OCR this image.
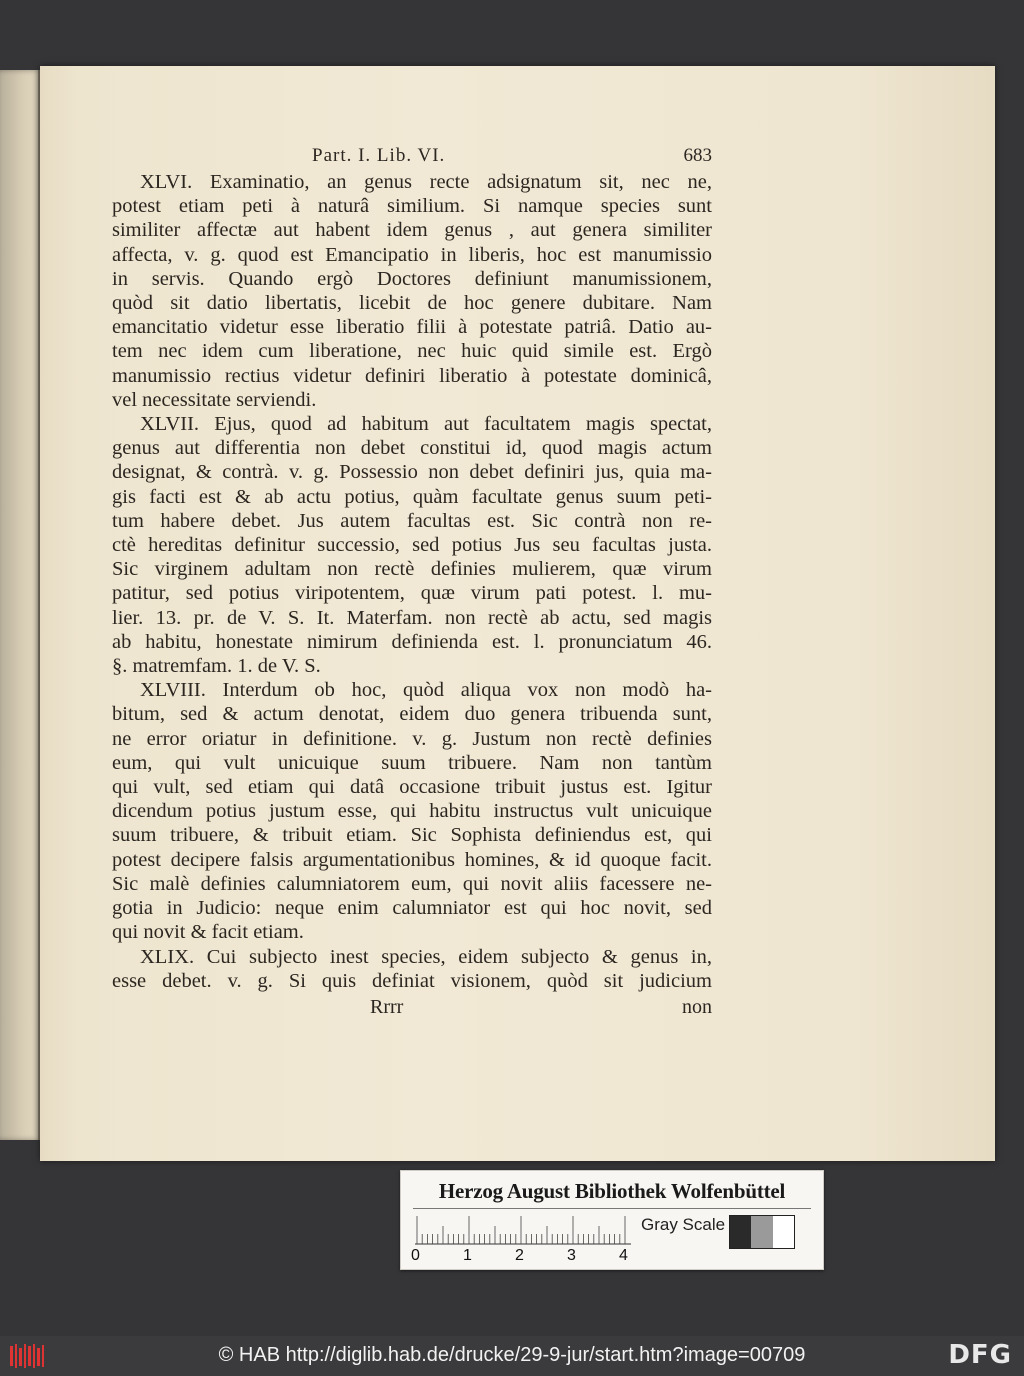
Part. I. Lib. VI.	683
XLVI. Examinatio, an genus recte adsignatum sit, nec ne,
potest etiam peti à naturâ similium. Si namque species sunt
similiter affectæ aut habent idem genus , aut genera similiter
affecta, v. g. quod est Emancipatio in liberis, hoc est manumissio
in servis. Quando ergò Doctores definiunt manumissionem,
quòd sit datio libertatis, licebit de hoc genere dubitare. Nam
emancitatio videtur esse liberatio filii à potestate patriâ. Datio au-
tem nec idem cum liberatione, nec huic quid simile est. Ergò
manumissio rectius videtur definiri liberatio à potestate dominicâ,
vel necessitate serviendi.
XLVII. Ejus, quod ad habitum aut facultatem magis spectat,
genus aut differentia non debet constitui id, quod magis actum
designat, & contrà. v. g. Possessio non debet definiri jus, quia ma-
gis facti est & ab actu potius, quàm facultate genus suum peti-
tum habere debet. Jus autem facultas est. Sic contrà non re-
ctè hereditas definitur successio, sed potius Jus seu facultas justa.
Sic virginem adultam non rectè definies mulierem, quæ virum
patitur, sed potius viripotentem, quæ virum pati potest. l. mu-
lier. 13. pr. de V. S. It. Materfam. non rectè ab actu, sed magis
ab habitu, honestate nimirum definienda est. l. pronunciatum 46.
§. matremfam. 1. de V. S.
XLVIII. Interdum ob hoc, quòd aliqua vox non modò ha-
bitum, sed & actum denotat, eidem duo genera tribuenda sunt,
ne error oriatur in definitione. v. g. Justum non rectè definies
eum, qui vult unicuique suum tribuere. Nam non tantùm
qui vult, sed etiam qui datâ occasione tribuit justus est. Igitur
dicendum potius justum esse, qui habitu instructus vult unicuique
suum tribuere, & tribuit etiam. Sic Sophista definiendus est, qui
potest decipere falsis argumentationibus homines, & id quoque facit.
Sic malè definies calumniatorem eum, qui novit aliis facessere ne-
gotia in Judicio: neque enim calumniator est qui hoc novit, sed
qui novit & facit etiam.
XLIX. Cui subjecto inest species, eidem subjecto & genus in,
esse debet. v. g. Si quis definiat visionem, quòd sit judicium
Rrrr	non
Herzog August Bibliothek Wolfenbüttel
0	1	2	3	4
Gray Scale
© HAB http://diglib.hab.de/drucke/29-9-jur/start.htm?image=00709	DFG
